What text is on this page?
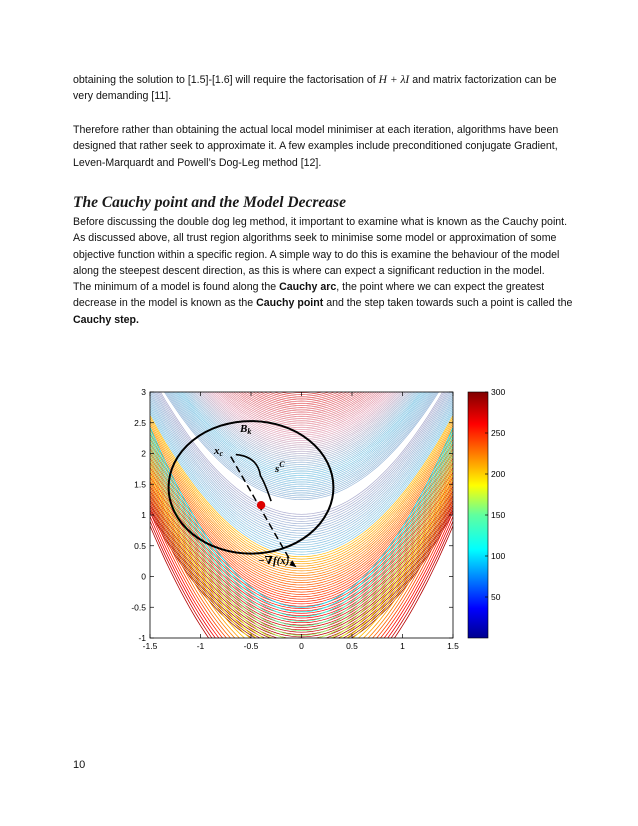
obtaining the solution to [1.5]-[1.6] will require the factorisation of H + λI and matrix factorization can be very demanding [11].

Therefore rather than obtaining the actual local model minimiser at each iteration, algorithms have been designed that rather seek to approximate it. A few examples include preconditioned conjugate Gradient, Leven-Marquardt and Powell’s Dog-Leg method [12].

The Cauchy point and the Model Decrease

Before discussing the double dog leg method, it important to examine what is known as the Cauchy point.
As discussed above, all trust region algorithms seek to minimise some model or approximation of some objective function within a specific region. A simple way to do this is examine the behaviour of the model along the steepest descent direction, as this is where can expect a significant reduction in the model.
The minimum of a model is found along the Cauchy arc, the point where we can expect the greatest decrease in the model is known as the Cauchy point and the step taken towards such a point is called the Cauchy step.

-1.5	-1	-0.5	0	0.5	1	1.5
-1
-0.5
0
0.5
1
1.5
2
2.5
3
Bk
xc
$s^C$
−∇f(x)
50
100
150
200
250
300

10
